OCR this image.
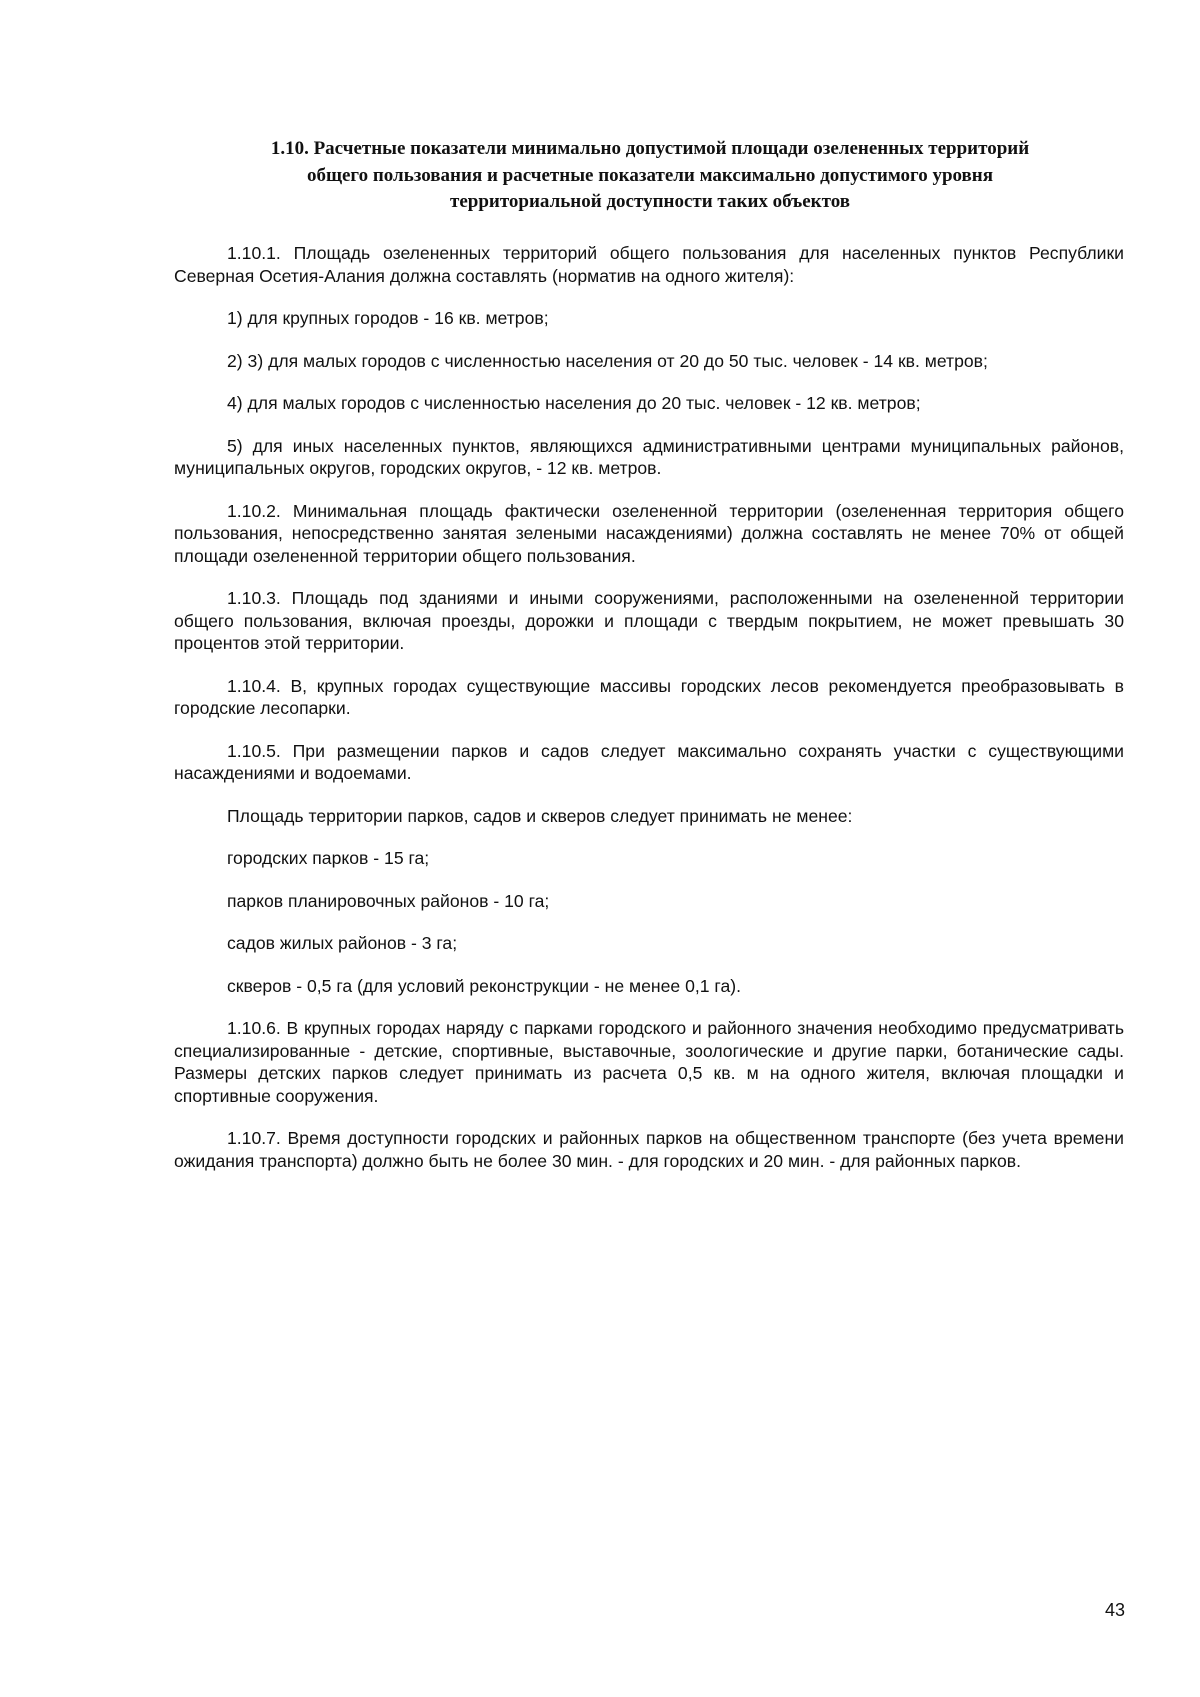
1.10. Расчетные показатели минимально допустимой площади озелененных территорий
общего пользования и расчетные показатели максимально допустимого уровня
территориальной доступности таких объектов

1.10.1. Площадь озелененных территорий общего пользования для населенных пунктов Республики Северная Осетия-Алания должна составлять (норматив на одного жителя):

1) для крупных городов - 16 кв. метров;

2) 3) для малых городов с численностью населения от 20 до 50 тыс. человек - 14 кв. метров;

4) для малых городов с численностью населения до 20 тыс. человек - 12 кв. метров;

5) для иных населенных пунктов, являющихся административными центрами муниципальных районов, муниципальных округов, городских округов, - 12 кв. метров.

1.10.2. Минимальная площадь фактически озелененной территории (озелененная территория общего пользования, непосредственно занятая зелеными насаждениями) должна составлять не менее 70% от общей площади озелененной территории общего пользования.

1.10.3. Площадь под зданиями и иными сооружениями, расположенными на озелененной территории общего пользования, включая проезды, дорожки и площади с твердым покрытием, не может превышать 30 процентов этой территории.

1.10.4. В, крупных городах существующие массивы городских лесов рекомендуется преобразовывать в городские лесопарки.

1.10.5. При размещении парков и садов следует максимально сохранять участки с существующими насаждениями и водоемами.

Площадь территории парков, садов и скверов следует принимать не менее:

городских парков - 15 га;

парков планировочных районов - 10 га;

садов жилых районов - 3 га;

скверов - 0,5 га (для условий реконструкции - не менее 0,1 га).

1.10.6. В крупных городах наряду с парками городского и районного значения необходимо предусматривать специализированные - детские, спортивные, выставочные, зоологические и другие парки, ботанические сады. Размеры детских парков следует принимать из расчета 0,5 кв. м на одного жителя, включая площадки и спортивные сооружения.

1.10.7. Время доступности городских и районных парков на общественном транспорте (без учета времени ожидания транспорта) должно быть не более 30 мин. - для городских и 20 мин. - для районных парков.

43
